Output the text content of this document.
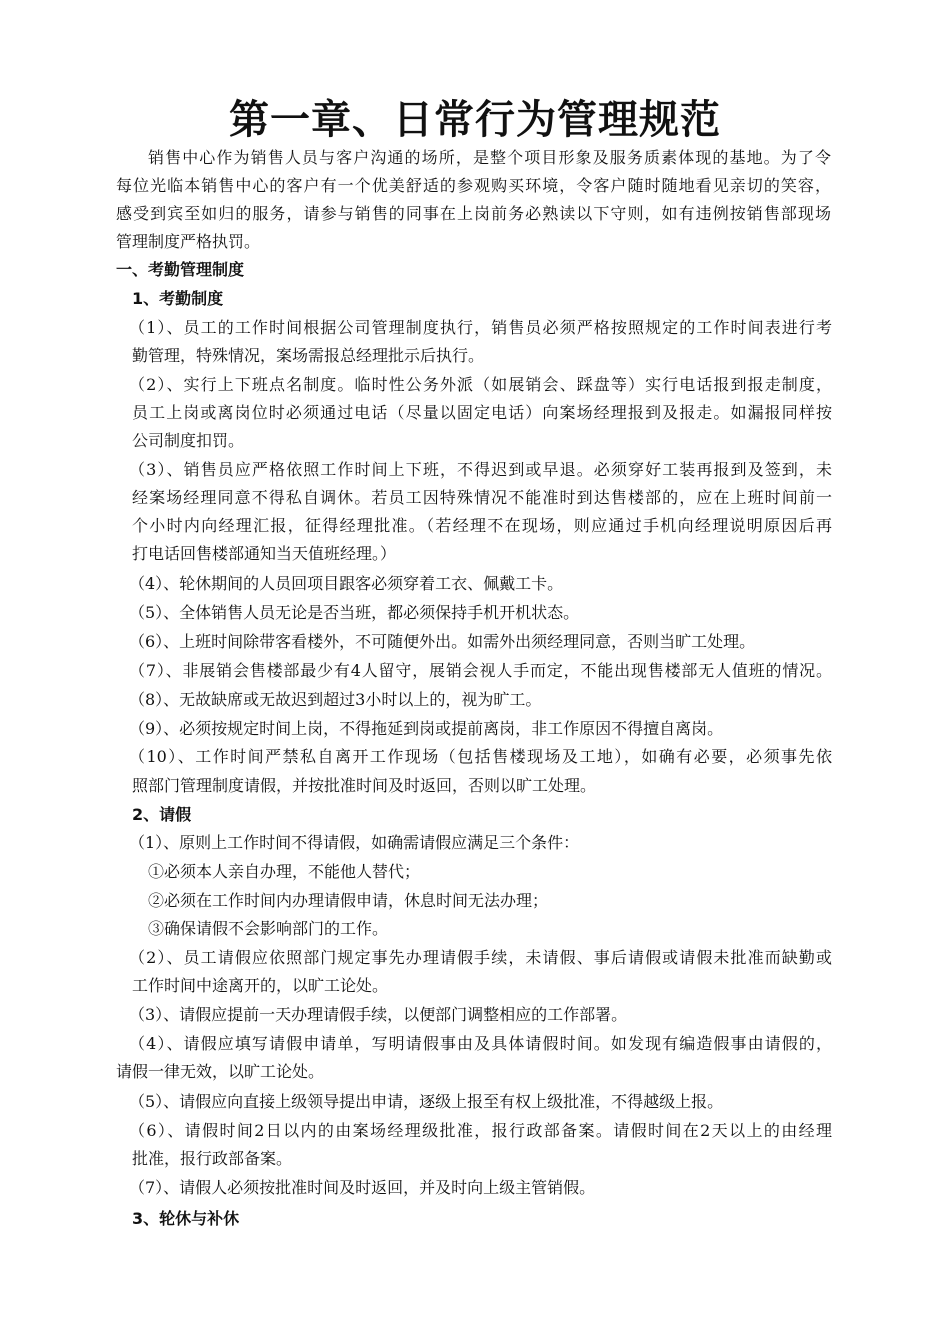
第一章、日常行为管理规范
销售中心作为销售人员与客户沟通的场所，是整个项目形象及服务质素体现的基地。为了令
每位光临本销售中心的客户有一个优美舒适的参观购买环境，令客户随时随地看见亲切的笑容，
感受到宾至如归的服务，请参与销售的同事在上岗前务必熟读以下守则，如有违例按销售部现场
管理制度严格执罚。
一、考勤管理制度
1、考勤制度
（1）、员工的工作时间根据公司管理制度执行，销售员必须严格按照规定的工作时间表进行考
勤管理，特殊情况，案场需报总经理批示后执行。
（2）、实行上下班点名制度。临时性公务外派（如展销会、踩盘等）实行电话报到报走制度，
员工上岗或离岗位时必须通过电话（尽量以固定电话）向案场经理报到及报走。如漏报同样按
公司制度扣罚。
（3）、销售员应严格依照工作时间上下班，不得迟到或早退。必须穿好工装再报到及签到，未
经案场经理同意不得私自调休。若员工因特殊情况不能准时到达售楼部的，应在上班时间前一
个小时内向经理汇报，征得经理批准。（若经理不在现场，则应通过手机向经理说明原因后再
打电话回售楼部通知当天值班经理。）
（4）、轮休期间的人员回项目跟客必须穿着工衣、佩戴工卡。
（5）、全体销售人员无论是否当班，都必须保持手机开机状态。
（6）、上班时间除带客看楼外，不可随便外出。如需外出须经理同意，否则当旷工处理。
（7）、非展销会售楼部最少有4人留守，展销会视人手而定，不能出现售楼部无人值班的情况。
（8）、无故缺席或无故迟到超过3小时以上的，视为旷工。
（9）、必须按规定时间上岗，不得拖延到岗或提前离岗，非工作原因不得擅自离岗。
（10）、工作时间严禁私自离开工作现场（包括售楼现场及工地），如确有必要，必须事先依
照部门管理制度请假，并按批准时间及时返回，否则以旷工处理。
2、请假
（1）、原则上工作时间不得请假，如确需请假应满足三个条件：
①必须本人亲自办理，不能他人替代；
②必须在工作时间内办理请假申请，休息时间无法办理；
③确保请假不会影响部门的工作。
（2）、员工请假应依照部门规定事先办理请假手续，未请假、事后请假或请假未批准而缺勤或
工作时间中途离开的，以旷工论处。
（3）、请假应提前一天办理请假手续，以便部门调整相应的工作部署。
（4）、请假应填写请假申请单，写明请假事由及具体请假时间。如发现有编造假事由请假的，
请假一律无效，以旷工论处。
（5）、请假应向直接上级领导提出申请，逐级上报至有权上级批准，不得越级上报。
（6）、请假时间2日以内的由案场经理级批准，报行政部备案。请假时间在2天以上的由经理
批准，报行政部备案。
（7）、请假人必须按批准时间及时返回，并及时向上级主管销假。
3、轮休与补休
